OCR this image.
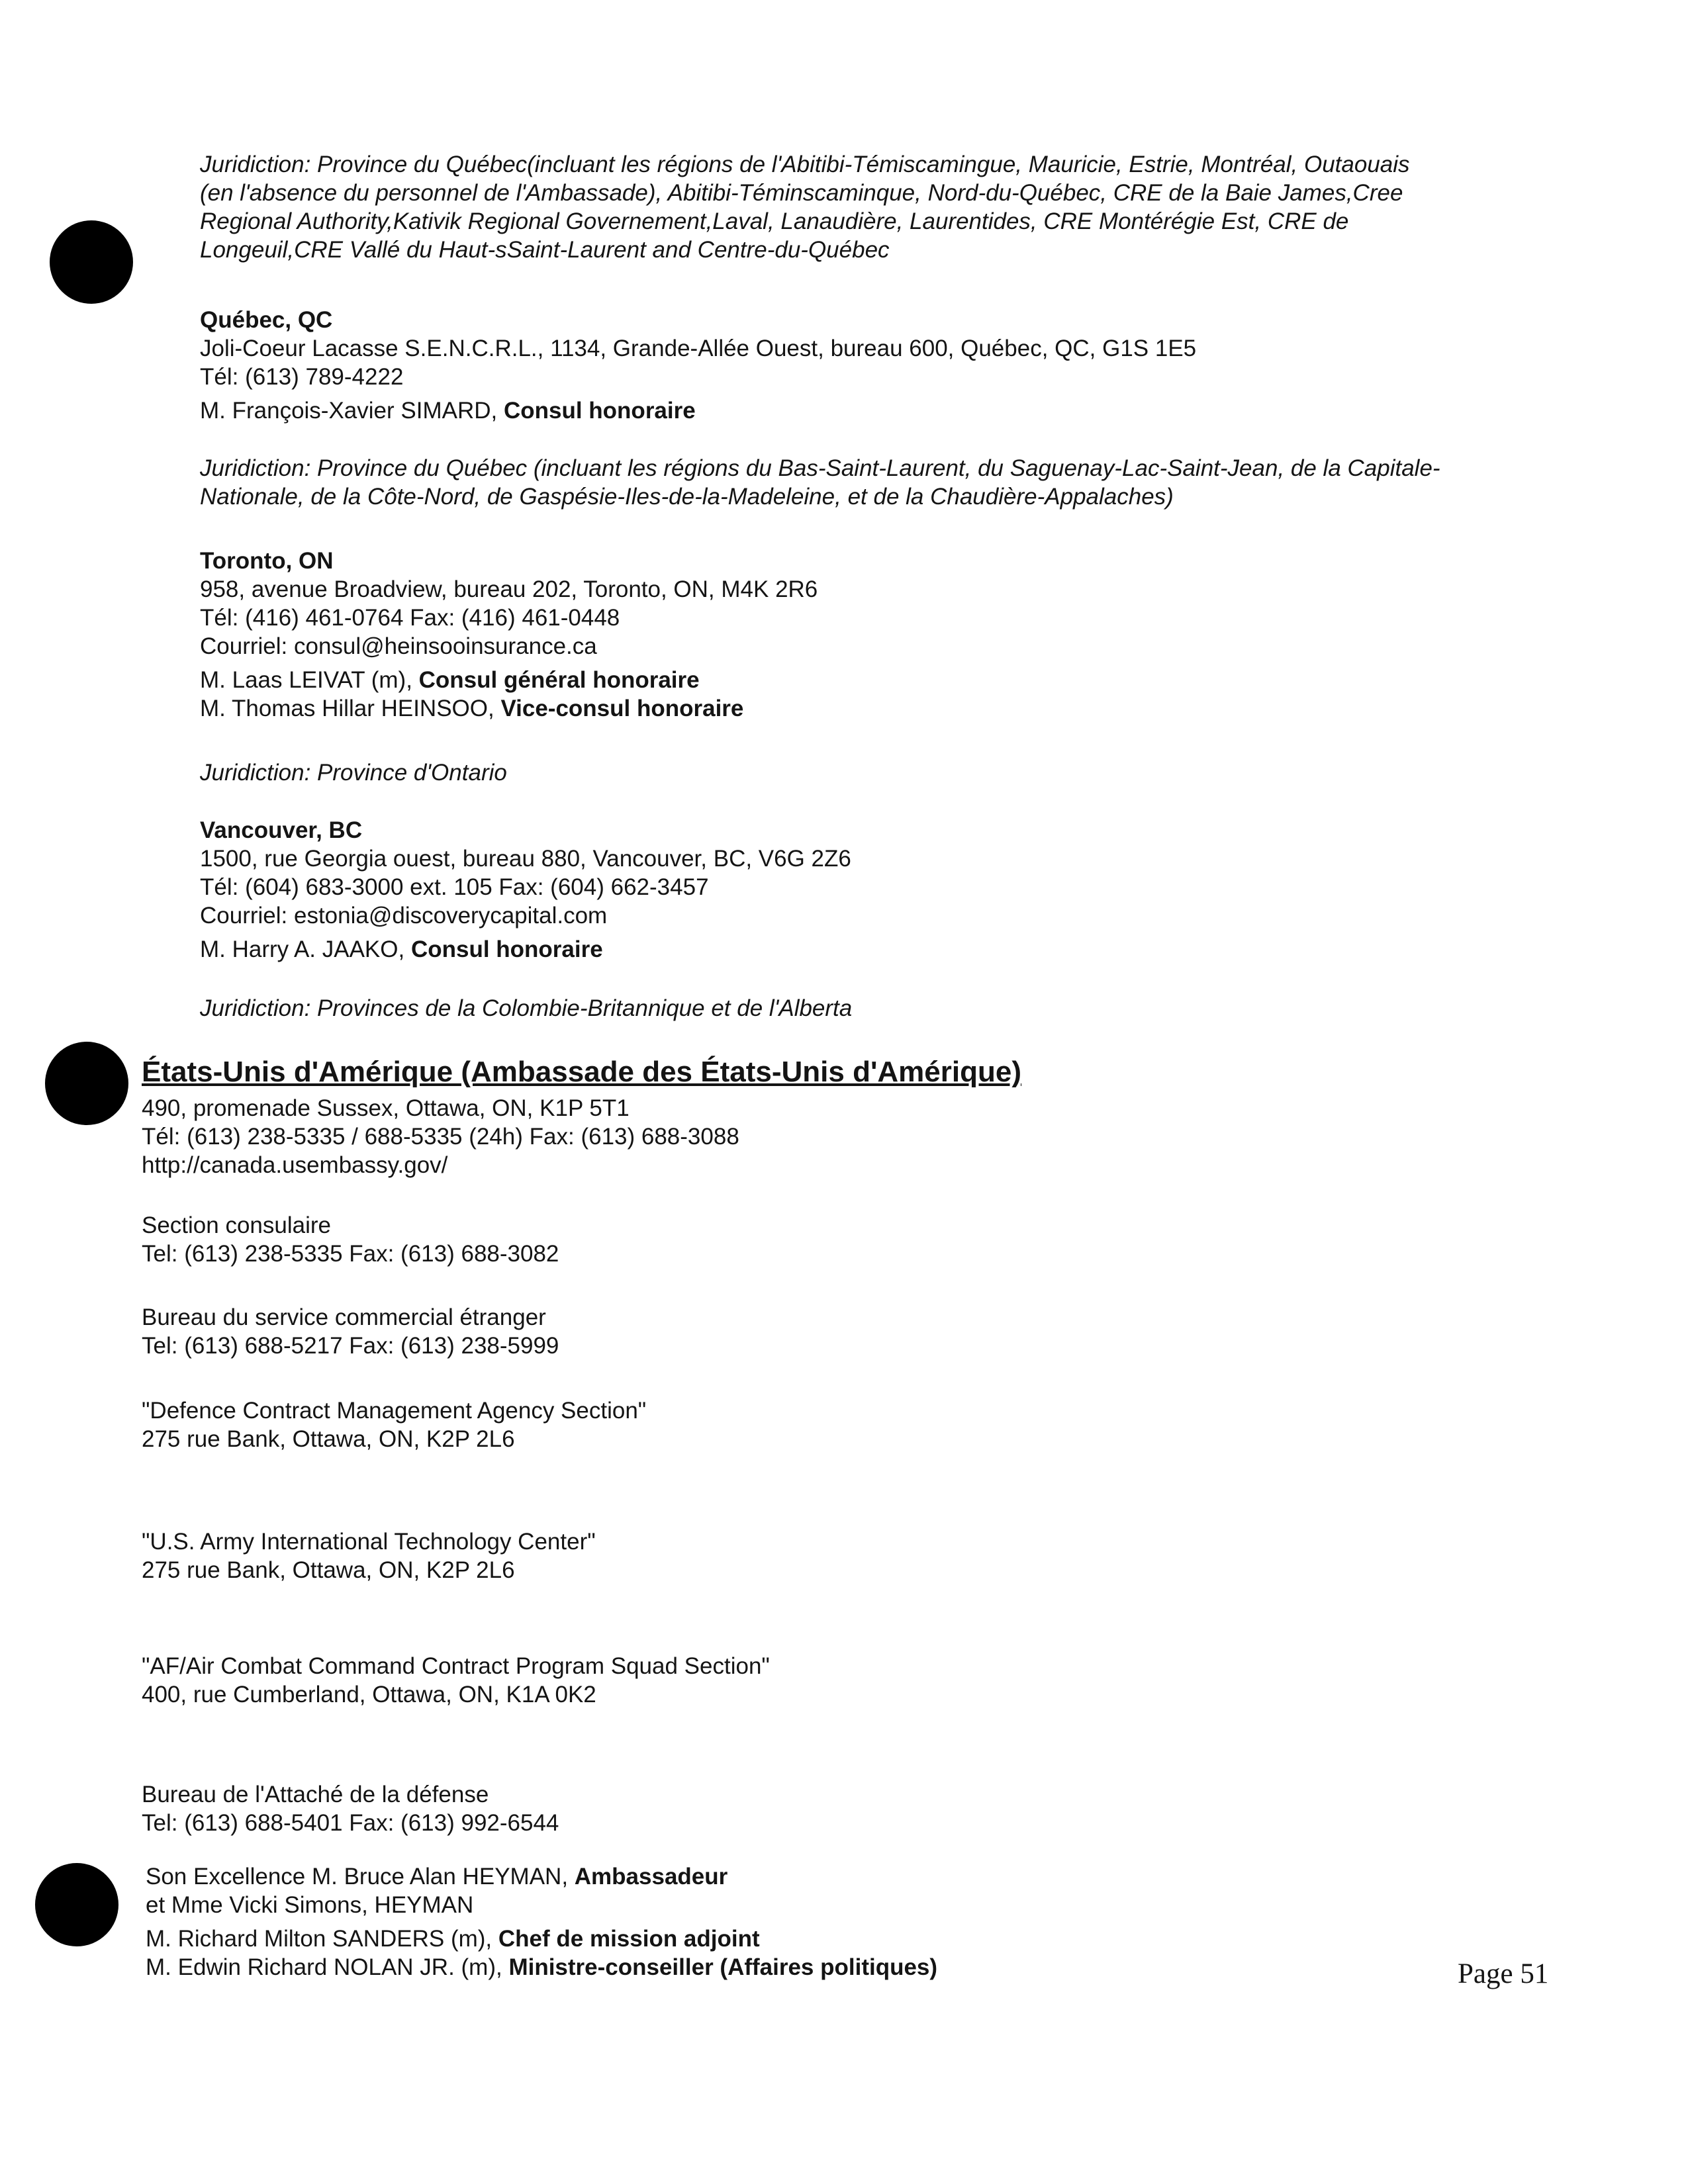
Juridiction: Province du Québec(incluant les régions de l'Abitibi-Témiscamingue, Mauricie, Estrie, Montréal, Outaouais

(en l'absence du personnel de l'Ambassade), Abitibi-Téminscaminque, Nord-du-Québec, CRE de la Baie James,Cree

Regional Authority,Kativik Regional Governement,Laval, Lanaudière, Laurentides, CRE Montérégie Est, CRE de

Longeuil,CRE Vallé du Haut-sSaint-Laurent and Centre-du-Québec

Québec, QC

Joli-Coeur Lacasse S.E.N.C.R.L., 1134, Grande-Allée Ouest, bureau 600, Québec, QC, G1S 1E5

Tél: (613) 789-4222

M. François-Xavier SIMARD, Consul honoraire

Juridiction: Province du Québec (incluant les régions du Bas-Saint-Laurent, du Saguenay-Lac-Saint-Jean, de la Capitale-

Nationale, de la Côte-Nord, de Gaspésie-Iles-de-la-Madeleine, et de la Chaudière-Appalaches)

Toronto, ON

958, avenue Broadview, bureau 202, Toronto, ON, M4K 2R6

Tél: (416) 461-0764 Fax: (416) 461-0448

Courriel: consul@heinsooinsurance.ca

M. Laas LEIVAT (m), Consul général honoraire

M. Thomas Hillar HEINSOO, Vice-consul honoraire

Juridiction: Province d'Ontario

Vancouver, BC

1500, rue Georgia ouest, bureau 880, Vancouver, BC, V6G 2Z6

Tél: (604) 683-3000 ext. 105 Fax: (604) 662-3457

Courriel: estonia@discoverycapital.com

M. Harry A. JAAKO, Consul honoraire

Juridiction: Provinces de la Colombie-Britannique et de l'Alberta

États-Unis d'Amérique (Ambassade des États-Unis d'Amérique)

490, promenade Sussex, Ottawa, ON, K1P 5T1

Tél: (613) 238-5335 / 688-5335 (24h) Fax: (613) 688-3088

http://canada.usembassy.gov/

Section consulaire

Tel: (613) 238-5335 Fax: (613) 688-3082

Bureau du service commercial étranger

Tel: (613) 688-5217 Fax: (613) 238-5999

"Defence Contract Management Agency Section"

275 rue Bank, Ottawa, ON, K2P 2L6

"U.S. Army International Technology Center"

275 rue Bank, Ottawa, ON, K2P 2L6

"AF/Air Combat Command Contract Program Squad Section"

400, rue Cumberland, Ottawa, ON, K1A 0K2

Bureau de l'Attaché de la défense

Tel: (613) 688-5401 Fax: (613) 992-6544

Son Excellence M. Bruce Alan HEYMAN, Ambassadeur

et Mme Vicki Simons, HEYMAN

M. Richard Milton SANDERS (m), Chef de mission adjoint

M. Edwin Richard NOLAN JR. (m), Ministre-conseiller (Affaires politiques)	Page 51
